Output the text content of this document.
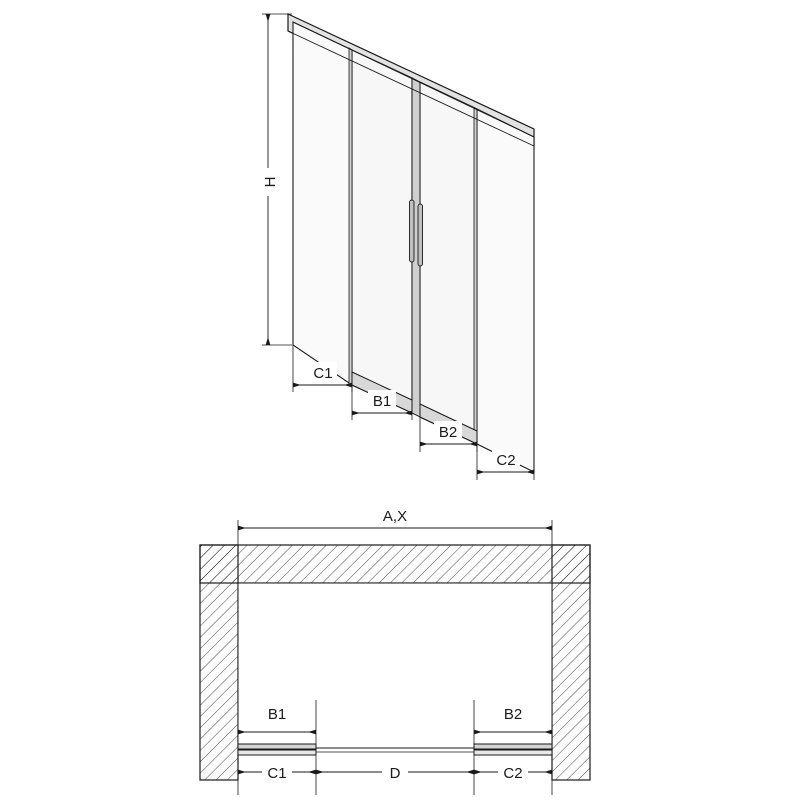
H
C1
B1
B2
C2
A,X
B1	B2
C1	D	C2
